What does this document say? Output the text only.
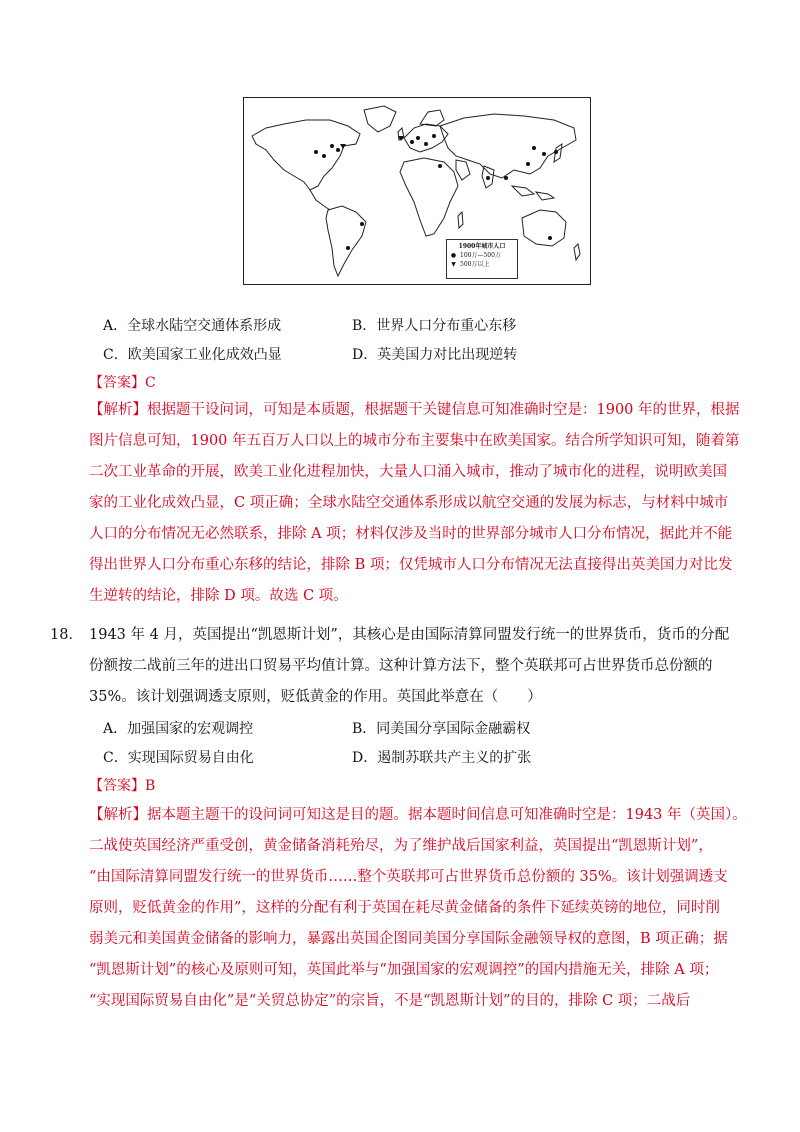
1900年城市人口
● 100万—500万
▼ 500万以上
A．全球水陆空交通体系形成	B．世界人口分布重心东移
C．欧美国家工业化成效凸显	D．英美国力对比出现逆转
【答案】C
【解析】根据题干设问词，可知是本质题，根据题干关键信息可知准确时空是：1900 年的世界，根据
图片信息可知，1900 年五百万人口以上的城市分布主要集中在欧美国家。结合所学知识可知，随着第
二次工业革命的开展，欧美工业化进程加快，大量人口涌入城市，推动了城市化的进程，说明欧美国
家的工业化成效凸显，C 项正确；全球水陆空交通体系形成以航空交通的发展为标志，与材料中城市
人口的分布情况无必然联系，排除 A 项；材料仅涉及当时的世界部分城市人口分布情况，据此并不能
得出世界人口分布重心东移的结论，排除 B 项；仅凭城市人口分布情况无法直接得出英美国力对比发
生逆转的结论，排除 D 项。故选 C 项。
18． 1943 年 4 月，英国提出“凯恩斯计划”，其核心是由国际清算同盟发行统一的世界货币，货币的分配
份额按二战前三年的进出口贸易平均值计算。这种计算方法下，整个英联邦可占世界货币总份额的
35%。该计划强调透支原则，贬低黄金的作用。英国此举意在（　　）
A．加强国家的宏观调控	B．同美国分享国际金融霸权
C．实现国际贸易自由化	D．遏制苏联共产主义的扩张
【答案】B
【解析】据本题主题干的设问词可知这是目的题。据本题时间信息可知准确时空是：1943 年（英国）。
二战使英国经济严重受创，黄金储备消耗殆尽，为了维护战后国家利益，英国提出“凯恩斯计划”，
“由国际清算同盟发行统一的世界货币……整个英联邦可占世界货币总份额的 35%。该计划强调透支
原则，贬低黄金的作用”，这样的分配有利于英国在耗尽黄金储备的条件下延续英镑的地位，同时削
弱美元和美国黄金储备的影响力，暴露出英国企图同美国分享国际金融领导权的意图，B 项正确；据
“凯恩斯计划”的核心及原则可知，英国此举与“加强国家的宏观调控”的国内措施无关，排除 A 项；
“实现国际贸易自由化”是“关贸总协定”的宗旨，不是“凯恩斯计划”的目的，排除 C 项；二战后
